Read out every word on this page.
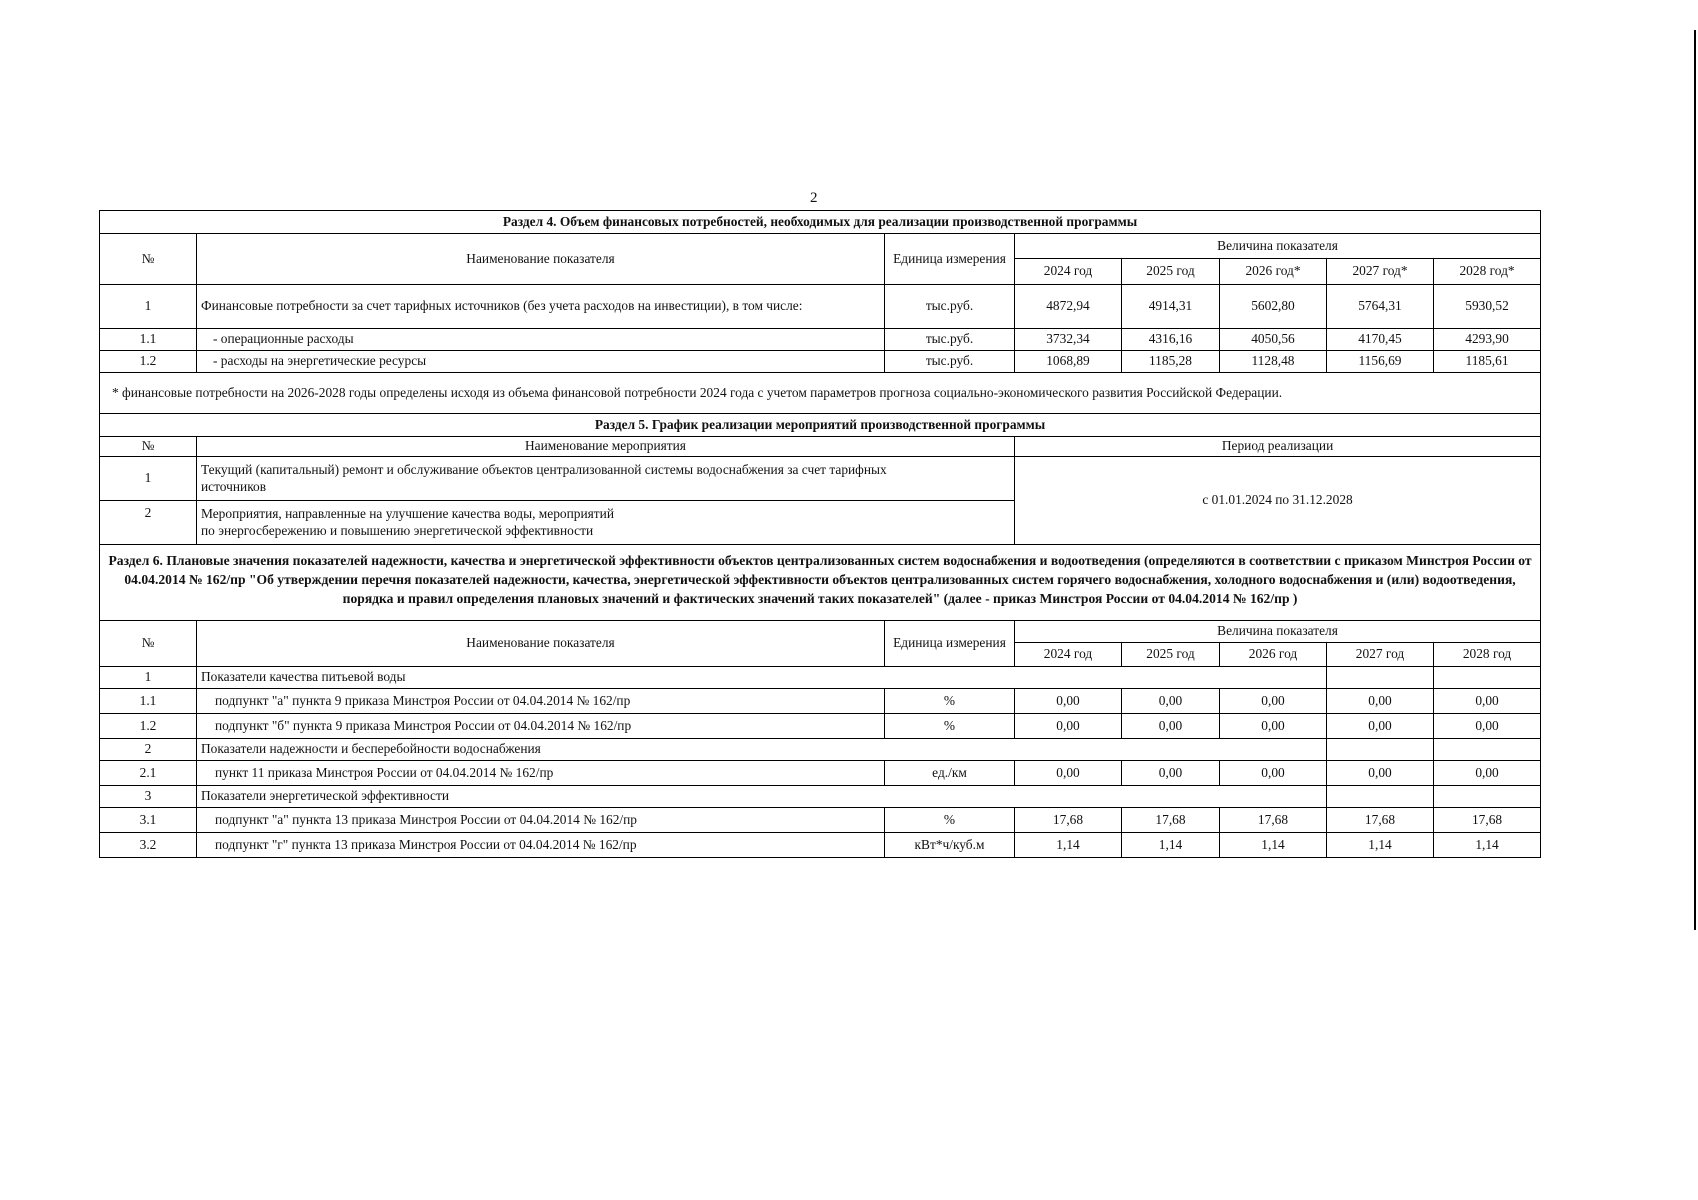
2
Раздел 4. Объем финансовых потребностей, необходимых для реализации производственной программы							
№	Наименование показателя	Единица измерения	Величина показателя				
			2024 год	2025 год	2026 год*	2027 год*	2028 год*
1	Финансовые потребности за счет тарифных источников (без учета расходов на инвестиции), в том числе:	тыс.руб.	4872,94	4914,31	5602,80	5764,31	5930,52
1.1	- операционные расходы	тыс.руб.	3732,34	4316,16	4050,56	4170,45	4293,90
1.2	- расходы на энергетические ресурсы	тыс.руб.	1068,89	1185,28	1128,48	1156,69	1185,61
* финансовые потребности на 2026-2028 годы определены исходя из объема финансовой потребности 2024 года с учетом параметров прогноза социально-экономического развития Российской Федерации.							
Раздел 5. График реализации мероприятий производственной программы							
№	Наименование мероприятия		Период реализации				
1	Текущий (капитальный) ремонт и обслуживание объектов централизованной системы водоснабжения за счет тарифных
источников		с 01.01.2024 по 31.12.2028				
2	Мероприятия, направленные на улучшение качества воды, мероприятий
по энергосбережению и повышению энергетической эффективности						

Раздел 6. Плановые значения показателей надежности, качества и энергетической эффективности объектов централизованных систем водоснабжения и водоотведения (определяются в соответствии с приказом Минстроя России от 04.04.2014 № 162/пр "Об утверждении перечня показателей надежности, качества, энергетической эффективности объектов централизованных систем горячего водоснабжения, холодного водоснабжения и (или) водоотведения, порядка и правил определения плановых значений и фактических значений таких показателей" (далее - приказ Минстроя России от 04.04.2014 № 162/пр )							
№	Наименование показателя	Единица измерения	Величина показателя				
			2024 год	2025 год	2026 год	2027 год	2028 год
1	Показатели качества питьевой воды						
1.1	подпункт "а" пункта 9 приказа Минстроя России от 04.04.2014 № 162/пр	%	0,00	0,00	0,00	0,00	0,00
1.2	подпункт "б" пункта 9 приказа Минстроя России от 04.04.2014 № 162/пр	%	0,00	0,00	0,00	0,00	0,00
2	Показатели надежности и бесперебойности водоснабжения						
2.1	пункт 11 приказа Минстроя России от 04.04.2014 № 162/пр	ед./км	0,00	0,00	0,00	0,00	0,00
3	Показатели энергетической эффективности						
3.1	подпункт "а" пункта 13 приказа Минстроя России от 04.04.2014 № 162/пр	%	17,68	17,68	17,68	17,68	17,68
3.2	подпункт "г" пункта 13 приказа Минстроя России от 04.04.2014 № 162/пр	кВт*ч/куб.м	1,14	1,14	1,14	1,14	1,14
